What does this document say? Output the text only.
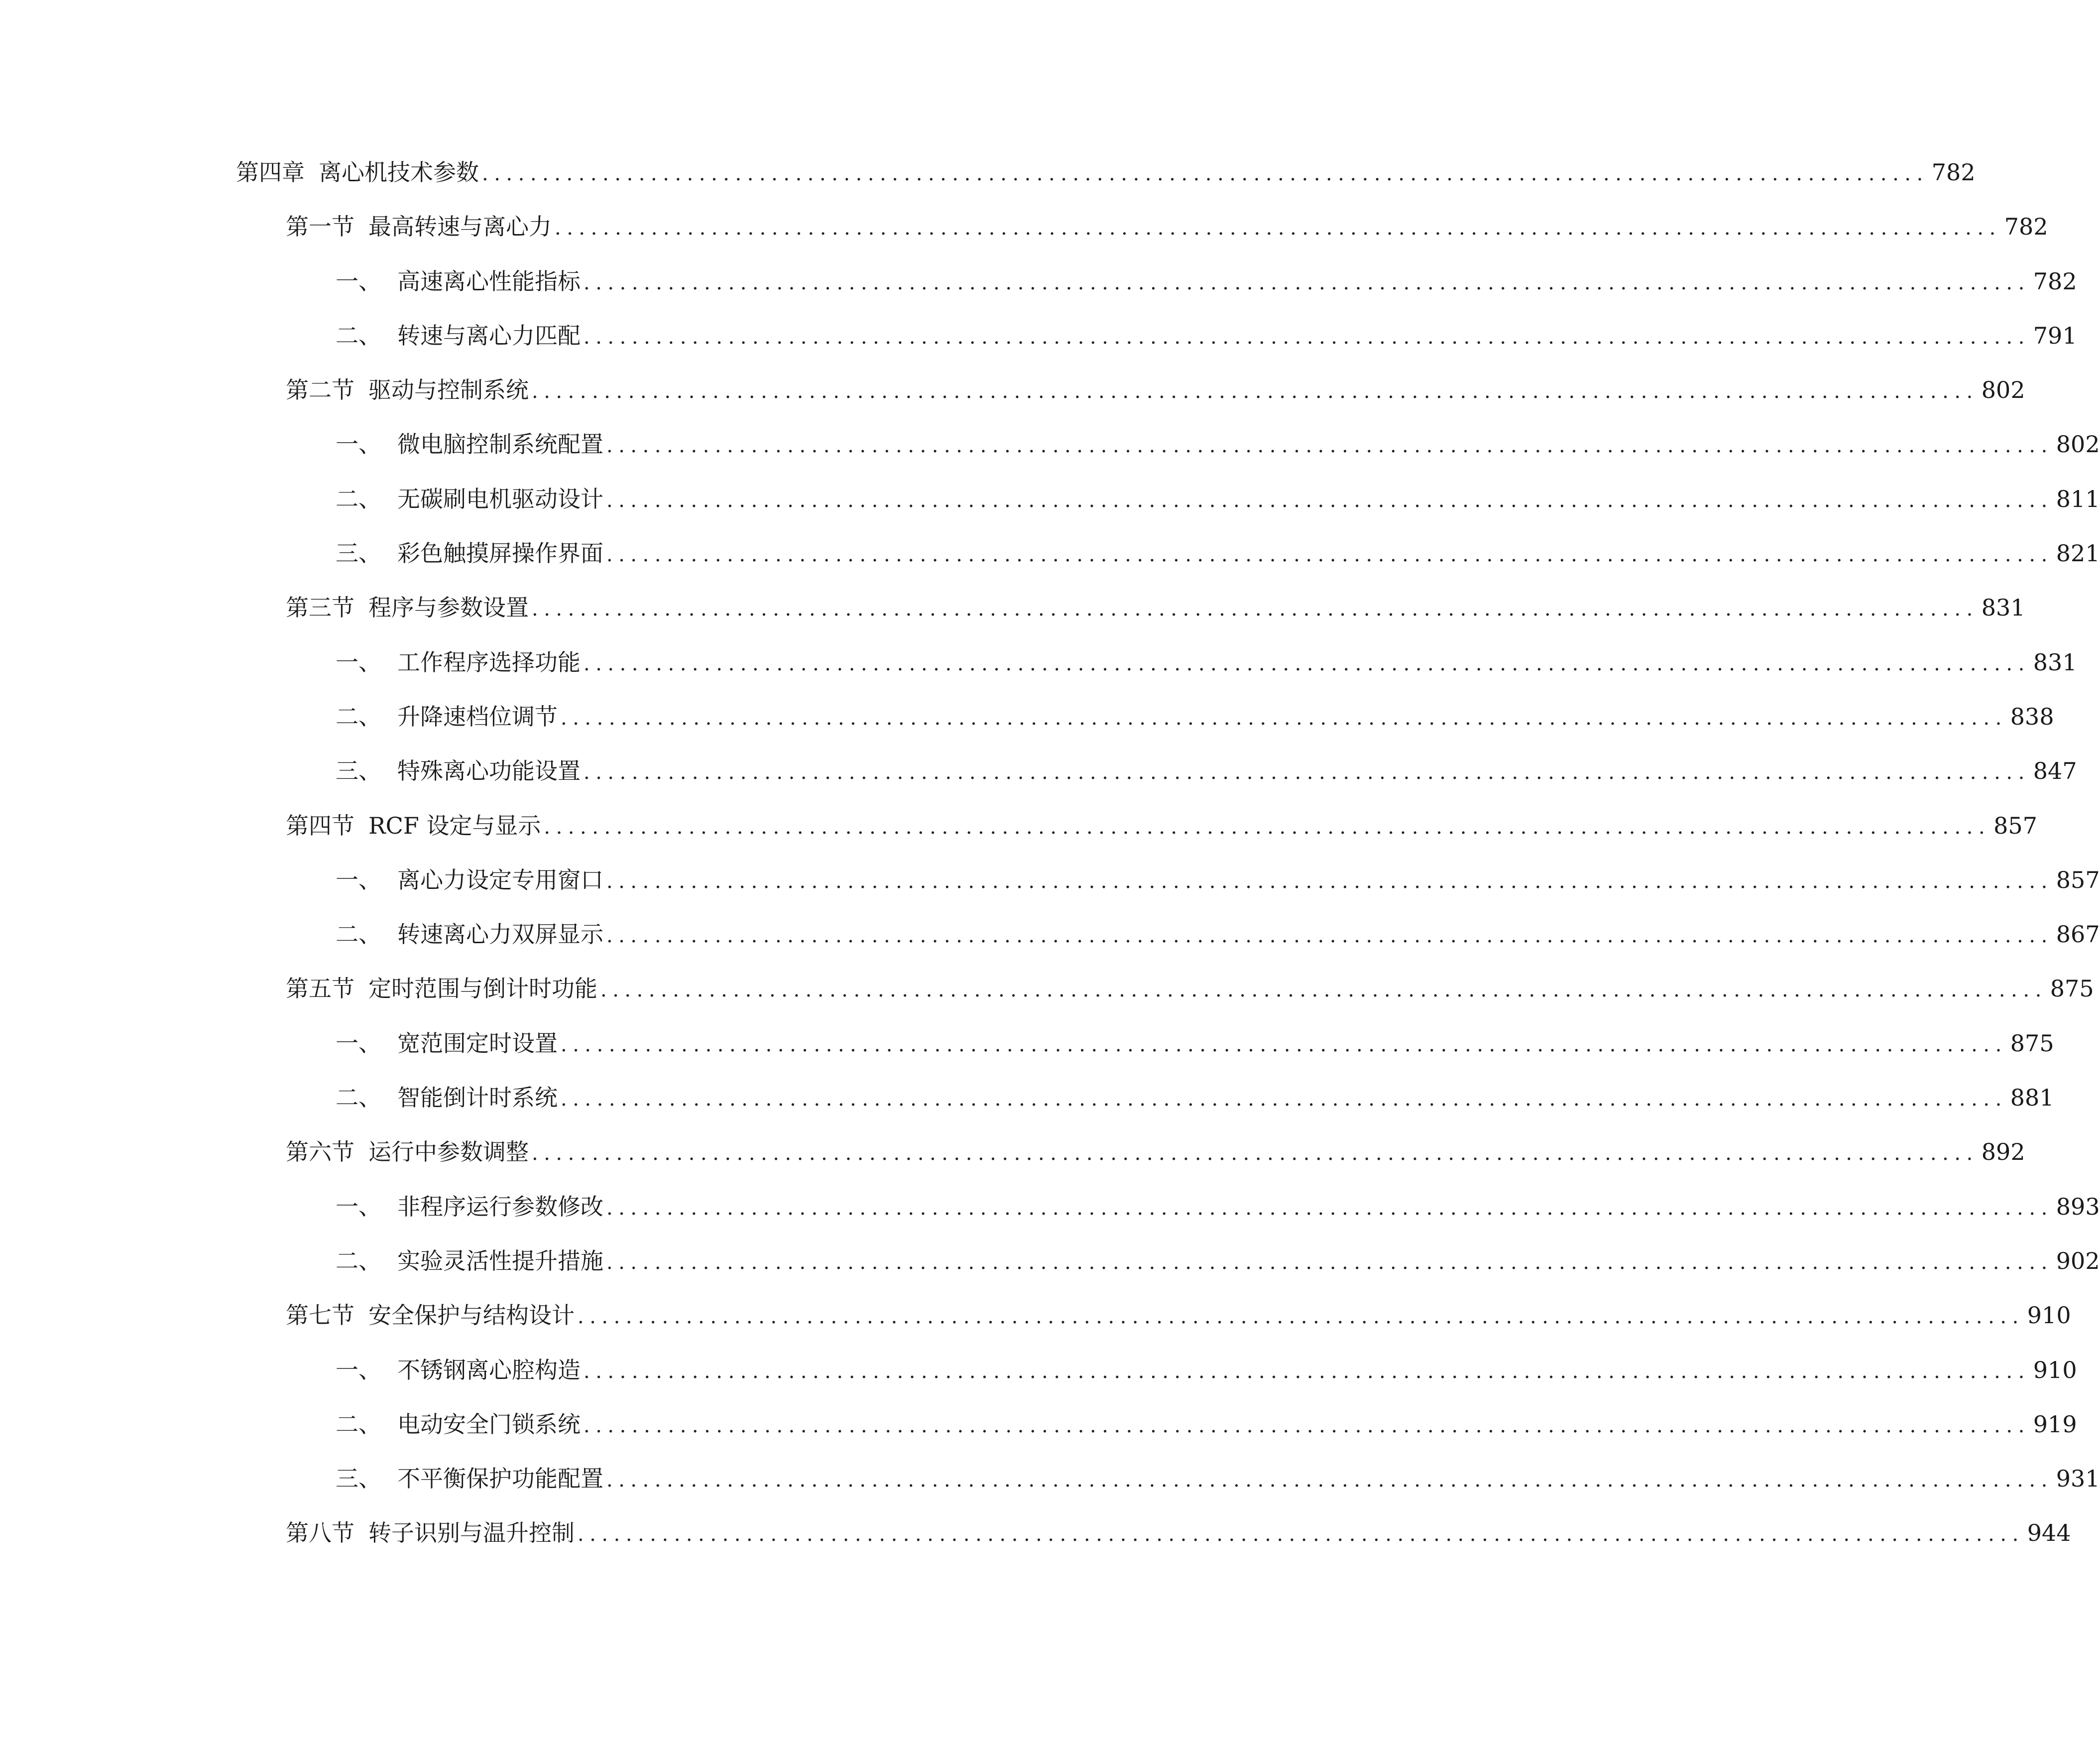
第四章 离心机技术参数 ........................................................................................................................ 782
第一节 最高转速与离心力 ........................................................................................................................ 782
一、 高速离心性能指标 ........................................................................................................................ 782
二、 转速与离心力匹配 ........................................................................................................................ 791
第二节 驱动与控制系统 ........................................................................................................................ 802
一、 微电脑控制系统配置 ........................................................................................................................ 802
二、 无碳刷电机驱动设计 ........................................................................................................................ 811
三、 彩色触摸屏操作界面 ........................................................................................................................ 821
第三节 程序与参数设置 ........................................................................................................................ 831
一、 工作程序选择功能 ........................................................................................................................ 831
二、 升降速档位调节 ........................................................................................................................ 838
三、 特殊离心功能设置 ........................................................................................................................ 847
第四节 RCF 设定与显示 ........................................................................................................................ 857
一、 离心力设定专用窗口 ........................................................................................................................ 857
二、 转速离心力双屏显示 ........................................................................................................................ 867
第五节 定时范围与倒计时功能 ........................................................................................................................ 875
一、 宽范围定时设置 ........................................................................................................................ 875
二、 智能倒计时系统 ........................................................................................................................ 881
第六节 运行中参数调整 ........................................................................................................................ 892
一、 非程序运行参数修改 ........................................................................................................................ 893
二、 实验灵活性提升措施 ........................................................................................................................ 902
第七节 安全保护与结构设计 ........................................................................................................................ 910
一、 不锈钢离心腔构造 ........................................................................................................................ 910
二、 电动安全门锁系统 ........................................................................................................................ 919
三、 不平衡保护功能配置 ........................................................................................................................ 931
第八节 转子识别与温升控制 ........................................................................................................................ 944
